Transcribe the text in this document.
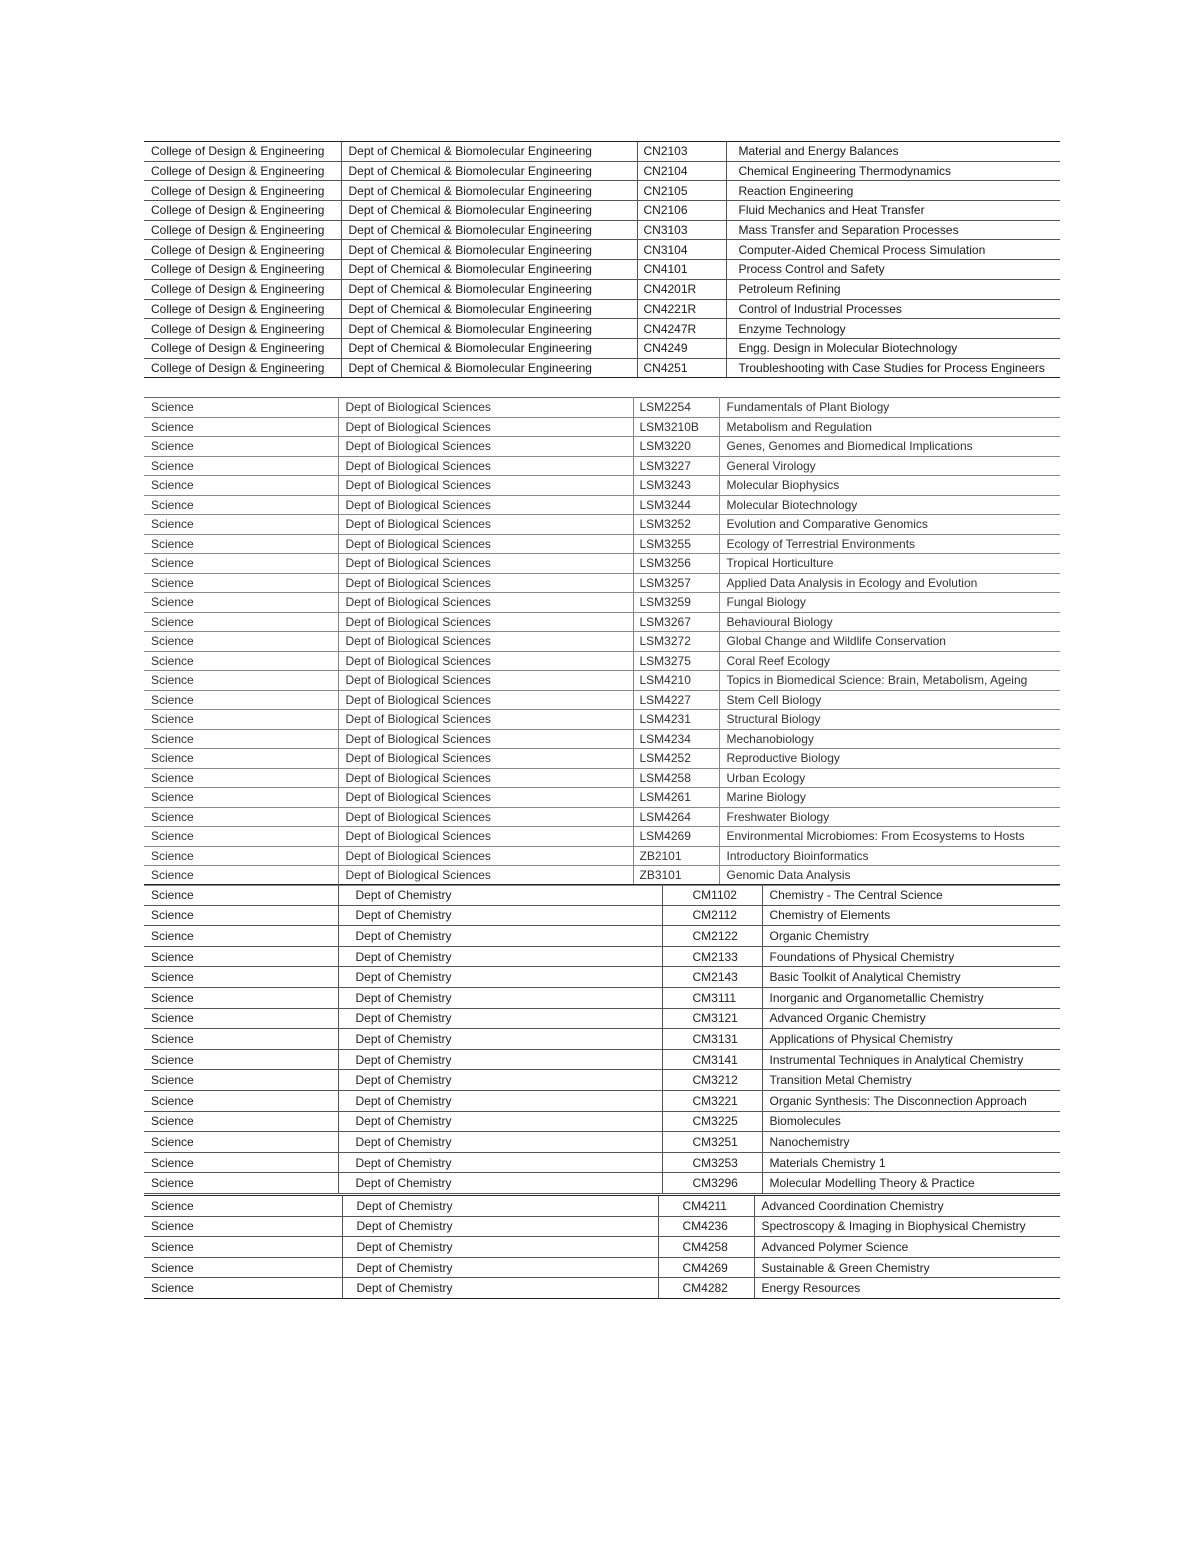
College of Design & Engineering	Dept of Chemical & Biomolecular Engineering	CN2103	Material and Energy Balances
College of Design & Engineering	Dept of Chemical & Biomolecular Engineering	CN2104	Chemical Engineering Thermodynamics
College of Design & Engineering	Dept of Chemical & Biomolecular Engineering	CN2105	Reaction Engineering
College of Design & Engineering	Dept of Chemical & Biomolecular Engineering	CN2106	Fluid Mechanics and Heat Transfer
College of Design & Engineering	Dept of Chemical & Biomolecular Engineering	CN3103	Mass Transfer and Separation Processes
College of Design & Engineering	Dept of Chemical & Biomolecular Engineering	CN3104	Computer-Aided Chemical Process Simulation
College of Design & Engineering	Dept of Chemical & Biomolecular Engineering	CN4101	Process Control and Safety
College of Design & Engineering	Dept of Chemical & Biomolecular Engineering	CN4201R	Petroleum Refining
College of Design & Engineering	Dept of Chemical & Biomolecular Engineering	CN4221R	Control of Industrial Processes
College of Design & Engineering	Dept of Chemical & Biomolecular Engineering	CN4247R	Enzyme Technology
College of Design & Engineering	Dept of Chemical & Biomolecular Engineering	CN4249	Engg. Design in Molecular Biotechnology
College of Design & Engineering	Dept of Chemical & Biomolecular Engineering	CN4251	Troubleshooting with Case Studies for Process Engineers
Science	Dept of Biological Sciences	LSM2254	Fundamentals of Plant Biology
Science	Dept of Biological Sciences	LSM3210B	Metabolism and Regulation
Science	Dept of Biological Sciences	LSM3220	Genes, Genomes and Biomedical Implications
Science	Dept of Biological Sciences	LSM3227	General Virology
Science	Dept of Biological Sciences	LSM3243	Molecular Biophysics
Science	Dept of Biological Sciences	LSM3244	Molecular Biotechnology
Science	Dept of Biological Sciences	LSM3252	Evolution and Comparative Genomics
Science	Dept of Biological Sciences	LSM3255	Ecology of Terrestrial Environments
Science	Dept of Biological Sciences	LSM3256	Tropical Horticulture
Science	Dept of Biological Sciences	LSM3257	Applied Data Analysis in Ecology and Evolution
Science	Dept of Biological Sciences	LSM3259	Fungal Biology
Science	Dept of Biological Sciences	LSM3267	Behavioural Biology
Science	Dept of Biological Sciences	LSM3272	Global Change and Wildlife Conservation
Science	Dept of Biological Sciences	LSM3275	Coral Reef Ecology
Science	Dept of Biological Sciences	LSM4210	Topics in Biomedical Science: Brain, Metabolism, Ageing
Science	Dept of Biological Sciences	LSM4227	Stem Cell Biology
Science	Dept of Biological Sciences	LSM4231	Structural Biology
Science	Dept of Biological Sciences	LSM4234	Mechanobiology
Science	Dept of Biological Sciences	LSM4252	Reproductive Biology
Science	Dept of Biological Sciences	LSM4258	Urban Ecology
Science	Dept of Biological Sciences	LSM4261	Marine Biology
Science	Dept of Biological Sciences	LSM4264	Freshwater Biology
Science	Dept of Biological Sciences	LSM4269	Environmental Microbiomes: From Ecosystems to Hosts
Science	Dept of Biological Sciences	ZB2101	Introductory Bioinformatics
Science	Dept of Biological Sciences	ZB3101	Genomic Data Analysis
Science	Dept of Chemistry	CM1102	Chemistry - The Central Science
Science	Dept of Chemistry	CM2112	Chemistry of Elements
Science	Dept of Chemistry	CM2122	Organic Chemistry
Science	Dept of Chemistry	CM2133	Foundations of Physical Chemistry
Science	Dept of Chemistry	CM2143	Basic Toolkit of Analytical Chemistry
Science	Dept of Chemistry	CM3111	Inorganic and Organometallic Chemistry
Science	Dept of Chemistry	CM3121	Advanced Organic Chemistry
Science	Dept of Chemistry	CM3131	Applications of Physical Chemistry
Science	Dept of Chemistry	CM3141	Instrumental Techniques in Analytical Chemistry
Science	Dept of Chemistry	CM3212	Transition Metal Chemistry
Science	Dept of Chemistry	CM3221	Organic Synthesis: The Disconnection Approach
Science	Dept of Chemistry	CM3225	Biomolecules
Science	Dept of Chemistry	CM3251	Nanochemistry
Science	Dept of Chemistry	CM3253	Materials Chemistry 1
Science	Dept of Chemistry	CM3296	Molecular Modelling Theory & Practice
Science	Dept of Chemistry	CM4211	Advanced Coordination Chemistry
Science	Dept of Chemistry	CM4236	Spectroscopy & Imaging in Biophysical Chemistry
Science	Dept of Chemistry	CM4258	Advanced Polymer Science
Science	Dept of Chemistry	CM4269	Sustainable & Green Chemistry
Science	Dept of Chemistry	CM4282	Energy Resources
